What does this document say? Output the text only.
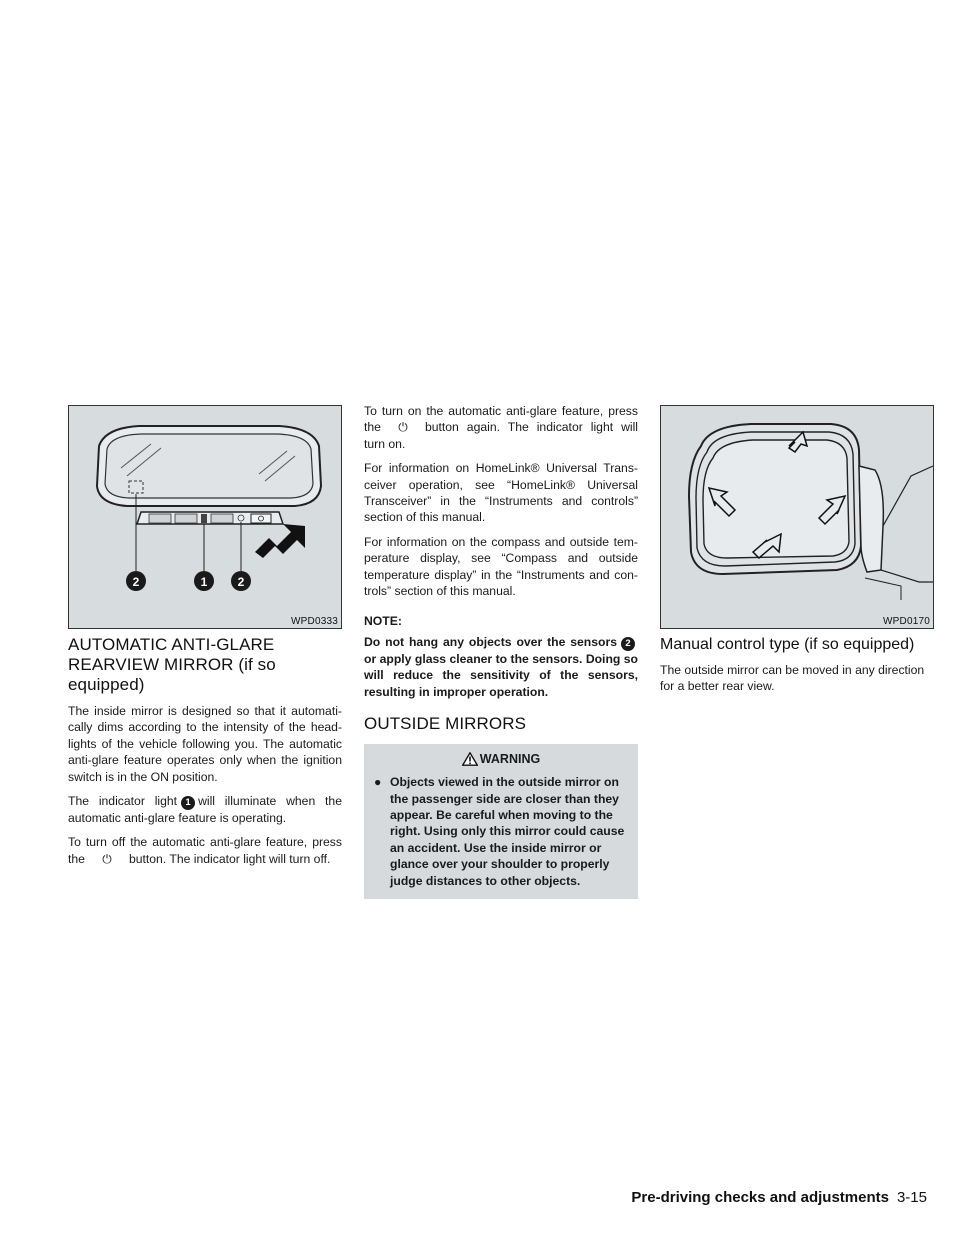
2	1	2
WPD0333
AUTOMATIC ANTI-GLARE
REARVIEW MIRROR (if so equipped)

The inside mirror is designed so that it automati-cally dims according to the intensity of the head-lights of the vehicle following you. The automatic anti-glare feature operates only when the ignition switch is in the ON position.

The indicator light 1 will illuminate when the automatic anti-glare feature is operating.

To turn off the automatic anti-glare feature, press the ⏻ button. The indicator light will turn off.

To turn on the automatic anti-glare feature, press the ⏻ button again. The indicator light will turn on.

For information on HomeLink® Universal Trans-ceiver operation, see “HomeLink® Universal Transceiver” in the “Instruments and controls” section of this manual.

For information on the compass and outside tem-perature display, see “Compass and outside temperature display” in the “Instruments and con-trols” section of this manual.

NOTE:

Do not hang any objects over the sensors 2or apply glass cleaner to the sensors. Doing so will reduce the sensitivity of the sensors, resulting in improper operation.

OUTSIDE MIRRORS
WARNING
● Objects viewed in the outside mirror on the passenger side are closer than they appear. Be careful when moving to the right. Using only this mirror could cause an accident. Use the inside mirror or glance over your shoulder to properly judge distances to other objects.
WPD0170
Manual control type (if so equipped)

The outside mirror can be moved in any direction for a better rear view.

Pre-driving checks and adjustments 3-15
